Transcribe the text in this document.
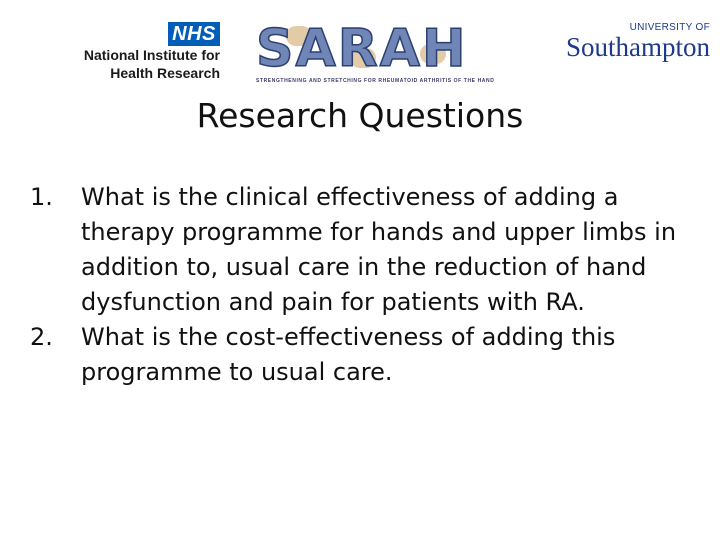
NHS
National Institute for
Health Research SARAH
STRENGTHENING AND STRETCHING FOR RHEUMATOID ARTHRITIS OF THE HAND
UNIVERSITY OF
Southampton
Research Questions
1. What is the clinical effectiveness of adding a therapy programme for hands and upper limbs in addition to, usual care in the reduction of hand dysfunction and pain for patients with RA.
2. What is the cost-effectiveness of adding this programme to usual care.
